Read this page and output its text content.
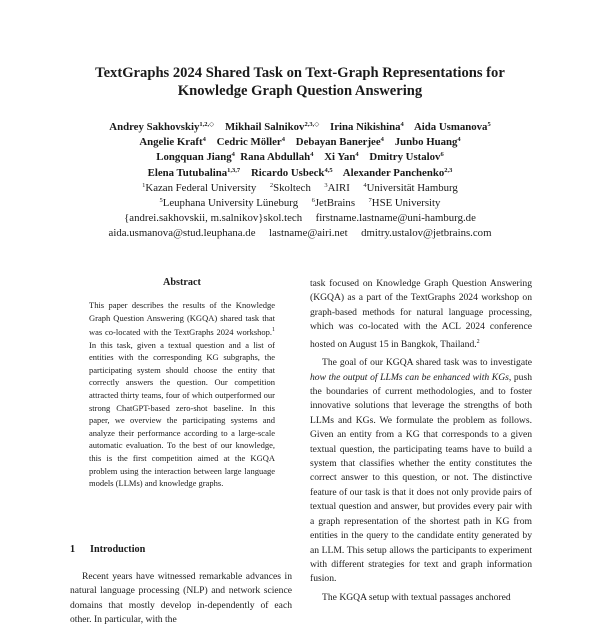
TextGraphs 2024 Shared Task on Text-Graph Representations for
Knowledge Graph Question Answering
Andrey Sakhovskiy$^{1,2,◇}$ Mikhail Salnikov$^{2,3,◇}$ Irina Nikishina$^4$ Aida Usmanova$^5$
Angelie Kraft$^4$ Cedric Möller$^4$ Debayan Banerjee$^4$ Junbo Huang$^4$
Longquan Jiang$^4$ Rana Abdullah$^4$ Xi Yan$^4$ Dmitry Ustalov$^6$
Elena Tutubalina$^{1,3,7}$ Ricardo Usbeck$^{4,5}$ Alexander Panchenko$^{2,3}$
$^1$Kazan Federal University $^2$Skoltech $^3$AIRI $^4$Universität Hamburg
$^5$Leuphana University Lüneburg $^6$JetBrains $^7$HSE University
{andrei.sakhovskii, m.salnikov}skol.tech     firstname.lastname@uni-hamburg.de
aida.usmanova@stud.leuphana.de     lastname@airi.net     dmitry.ustalov@jetbrains.com
Abstract
This paper describes the results of the Knowledge Graph Question Answering (KGQA) shared task that was co-located with the TextGraphs 2024 workshop.$^1$ In this task, given a textual question and a list of entities with the corresponding KG subgraphs, the participating system should choose the entity that correctly answers the question. Our competition attracted thirty teams, four of which outperformed our strong ChatGPT-based zero-shot baseline. In this paper, we overview the participating systems and analyze their performance according to a large-scale automatic evaluation. To the best of our knowledge, this is the first competition aimed at the KGQA problem using the interaction between large language models (LLMs) and knowledge graphs.
1 Introduction

Recent years have witnessed remarkable advances in natural language processing (NLP) and network science domains that mostly develop in-dependently of each other. In particular, with the

task focused on Knowledge Graph Question Answering (KGQA) as a part of the TextGraphs 2024 workshop on graph-based methods for natural language processing, which was co-located with the ACL 2024 conference hosted on August 15 in Bangkok, Thailand.$^2$

The goal of our KGQA shared task was to investigate how the output of LLMs can be enhanced with KGs, push the boundaries of current methodologies, and to foster innovative solutions that leverage the strengths of both LLMs and KGs. We formulate the problem as follows. Given an entity from a KG that corresponds to a given textual question, the participating teams have to build a system that classifies whether the entity constitutes the correct answer to this question, or not. The distinctive feature of our task is that it does not only provide pairs of textual question and answer, but provides every pair with a graph representation of the shortest path in KG from entities in the query to the candidate entity generated by an LLM. This setup allows the participants to experiment with different strategies for text and graph information fusion.

The KGQA setup with textual passages anchored
